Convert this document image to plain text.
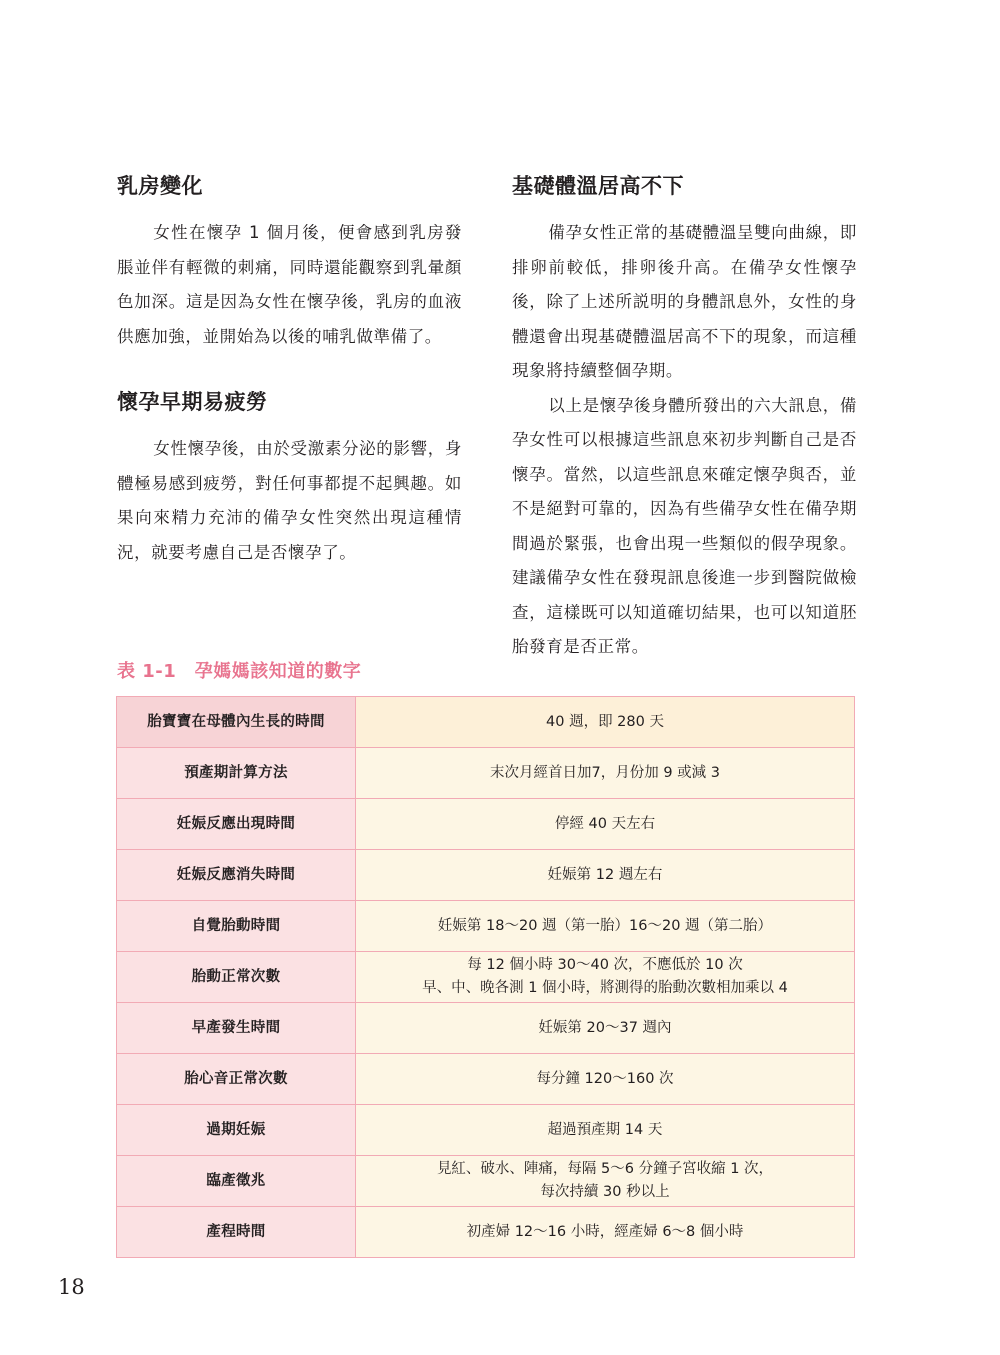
乳房變化

女性在懷孕 1 個月後，便會感到乳房發脹並伴有輕微的刺痛，同時還能觀察到乳暈顏色加深。這是因為女性在懷孕後，乳房的血液供應加強，並開始為以後的哺乳做準備了。

懷孕早期易疲勞

女性懷孕後，由於受激素分泌的影響，身體極易感到疲勞，對任何事都提不起興趣。如果向來精力充沛的備孕女性突然出現這種情況，就要考慮自己是否懷孕了。

基礎體溫居高不下

備孕女性正常的基礎體溫呈雙向曲線，即排卵前較低，排卵後升高。在備孕女性懷孕後，除了上述所説明的身體訊息外，女性的身體還會出現基礎體溫居高不下的現象，而這種現象將持續整個孕期。

以上是懷孕後身體所發出的六大訊息，備孕女性可以根據這些訊息來初步判斷自己是否懷孕。當然，以這些訊息來確定懷孕與否，並不是絕對可靠的，因為有些備孕女性在備孕期間過於緊張，也會出現一些類似的假孕現象。建議備孕女性在發現訊息後進一步到醫院做檢查，這樣既可以知道確切結果，也可以知道胚胎發育是否正常。

表 1-1　孕媽媽該知道的數字
胎寶寶在母體內生長的時間	40 週，即 280 天

預產期計算方法	末次月經首日加7，月份加 9 或減 3

妊娠反應出現時間	停經 40 天左右

妊娠反應消失時間	妊娠第 12 週左右

自覺胎動時間	妊娠第 18～20 週（第一胎）16～20 週（第二胎）

胎動正常次數	每 12 個小時 30～40 次，不應低於 10 次
早、中、晚各測 1 個小時，將測得的胎動次數相加乘以 4

早產發生時間	妊娠第 20～37 週內

胎心音正常次數	每分鐘 120～160 次

過期妊娠	超過預產期 14 天

臨產徵兆	見紅、破水、陣痛，每隔 5～6 分鐘子宮收縮 1 次，
每次持續 30 秒以上

產程時間	初產婦 12～16 小時，經產婦 6～8 個小時
18
